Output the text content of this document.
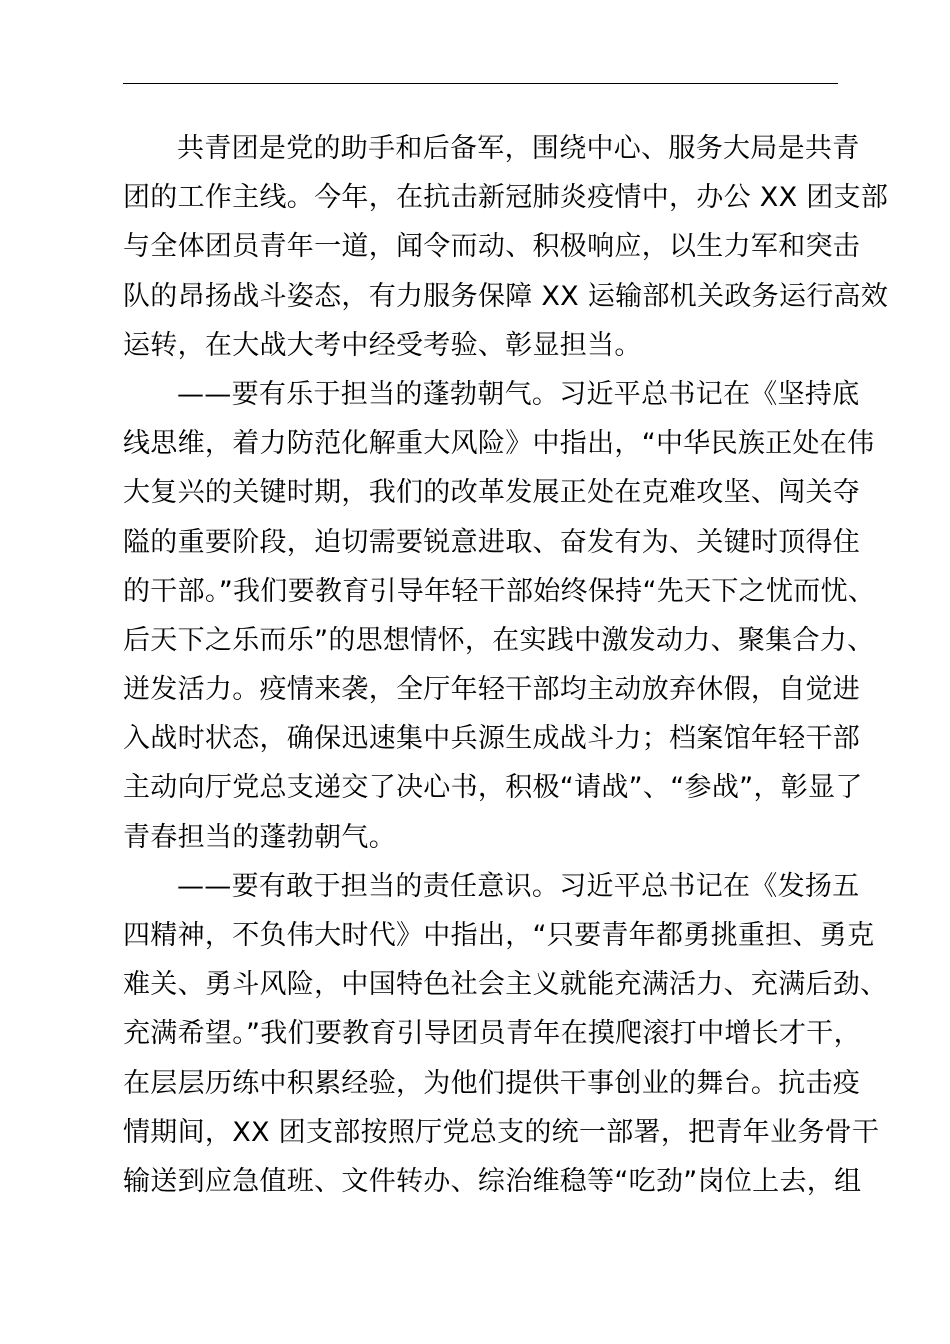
共青团是党的助手和后备军，围绕中心、服务大局是共青
团的工作主线。今年，在抗击新冠肺炎疫情中，办公 XX 团支部
与全体团员青年一道，闻令而动、积极响应，以生力军和突击
队的昂扬战斗姿态，有力服务保障 XX 运输部机关政务运行高效
运转，在大战大考中经受考验、彰显担当。
——要有乐于担当的蓬勃朝气。习近平总书记在《坚持底
线思维，着力防范化解重大风险》中指出，“中华民族正处在伟
大复兴的关键时期，我们的改革发展正处在克难攻坚、闯关夺
隘的重要阶段，迫切需要锐意进取、奋发有为、关键时顶得住
的干部。”我们要教育引导年轻干部始终保持“先天下之忧而忧、
后天下之乐而乐”的思想情怀，在实践中激发动力、聚集合力、
迸发活力。疫情来袭，全厅年轻干部均主动放弃休假，自觉进
入战时状态，确保迅速集中兵源生成战斗力；档案馆年轻干部
主动向厅党总支递交了决心书，积极“请战”、“参战”，彰显了
青春担当的蓬勃朝气。
——要有敢于担当的责任意识。习近平总书记在《发扬五
四精神，不负伟大时代》中指出，“只要青年都勇挑重担、勇克
难关、勇斗风险，中国特色社会主义就能充满活力、充满后劲、
充满希望。”我们要教育引导团员青年在摸爬滚打中增长才干，
在层层历练中积累经验，为他们提供干事创业的舞台。抗击疫
情期间，XX 团支部按照厅党总支的统一部署，把青年业务骨干
输送到应急值班、文件转办、综治维稳等“吃劲”岗位上去，组
